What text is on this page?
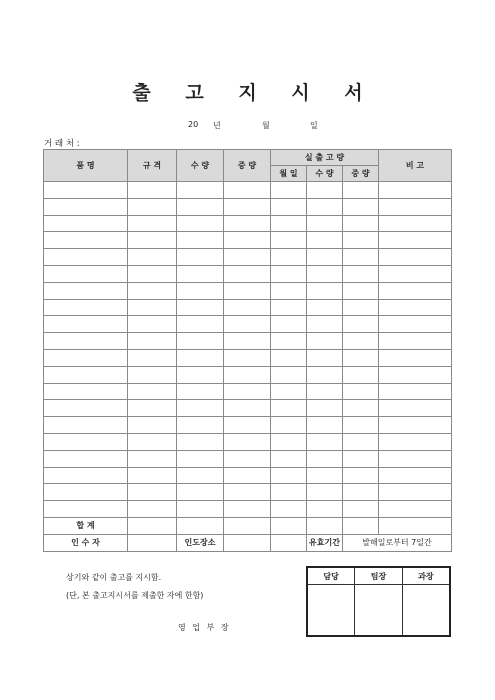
출 고 지 시 서
20 년	월	일
거 래 처 :
품 명	규 격	수 량	중 량	실 출 고 량			비 고
				월 일	수 량	중 량	

합 계							
인 수 자		인도장소			유효기간	발해일로부터 7일간	
상기와 같이 출고를 지시함.
(단, 본 출고지시서를 제출한 자에 한함)
영 업 부 장
담당	팀장	과장
